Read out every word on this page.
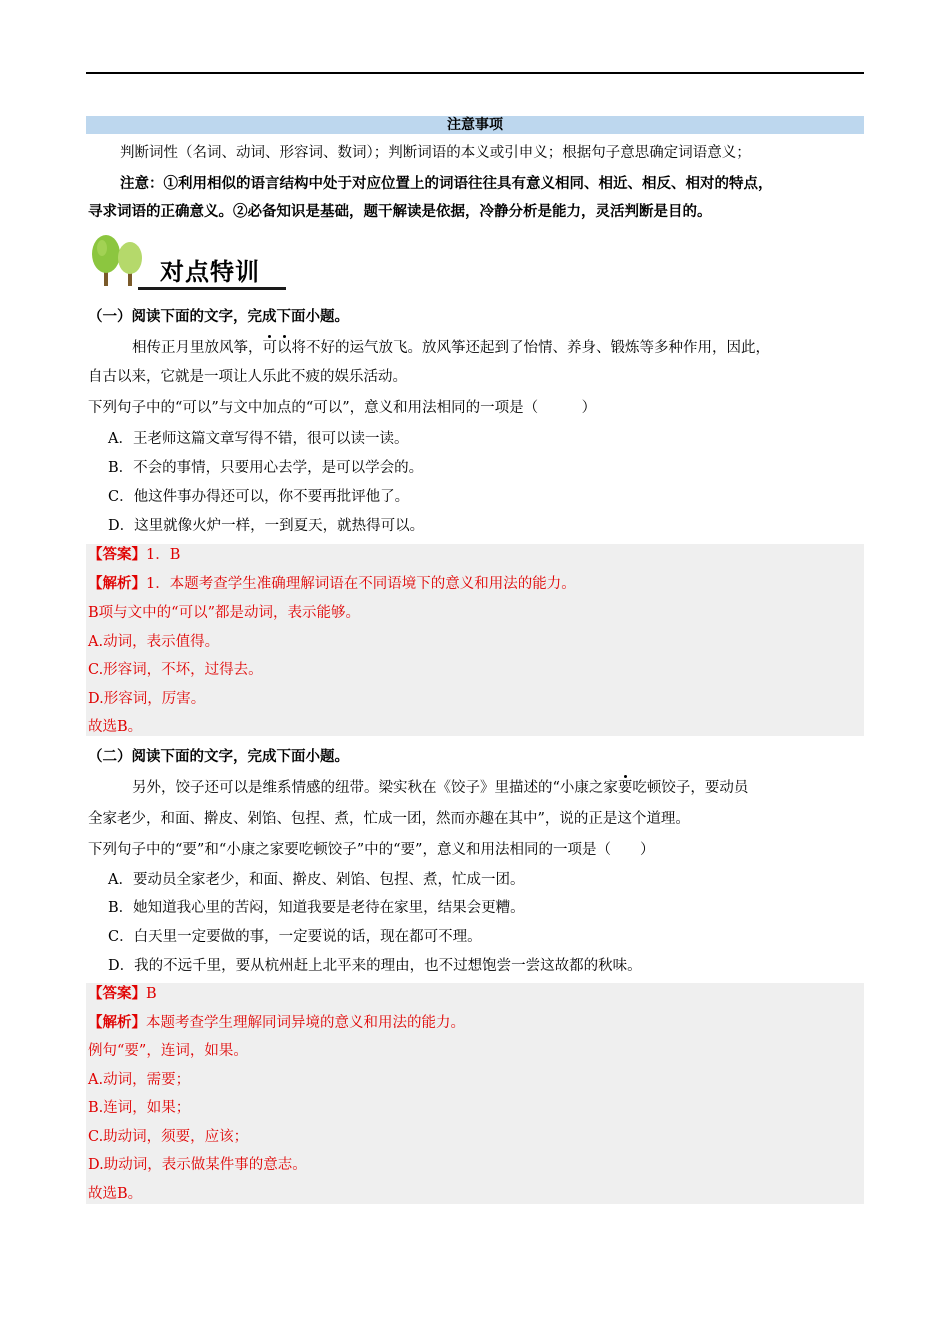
注意事项
判断词性（名词、动词、形容词、数词）；判断词语的本义或引申义；根据句子意思确定词语意义；
注意：①利用相似的语言结构中处于对应位置上的词语往往具有意义相同、相近、相反、相对的特点，
寻求词语的正确意义。②必备知识是基础，题干解读是依据，冷静分析是能力，灵活判断是目的。
对点特训
（一）阅读下面的文字，完成下面小题。
相传正月里放风筝，可以将不好的运气放飞。放风筝还起到了怡情、养身、锻炼等多种作用，因此，
自古以来，它就是一项让人乐此不疲的娱乐活动。
下列句子中的“可以”与文中加点的“可以”，意义和用法相同的一项是（　　　）
A．王老师这篇文章写得不错，很可以读一读。
B．不会的事情，只要用心去学，是可以学会的。
C．他这件事办得还可以，你不要再批评他了。
D．这里就像火炉一样，一到夏天，就热得可以。
【答案】1．B
【解析】1．本题考查学生准确理解词语在不同语境下的意义和用法的能力。
B项与文中的“可以”都是动词，表示能够。
A.动词，表示值得。
C.形容词，不坏，过得去。
D.形容词，厉害。
故选B。
（二）阅读下面的文字，完成下面小题。
另外，饺子还可以是维系情感的纽带。梁实秋在《饺子》里描述的“小康之家要吃顿饺子，要动员
全家老少，和面、擀皮、剁馅、包捏、煮，忙成一团，然而亦趣在其中”，说的正是这个道理。
下列句子中的“要”和“小康之家要吃顿饺子”中的“要”，意义和用法相同的一项是（　　）
A．要动员全家老少，和面、擀皮、剁馅、包捏、煮，忙成一团。
B．她知道我心里的苦闷，知道我要是老待在家里，结果会更糟。
C．白天里一定要做的事，一定要说的话，现在都可不理。
D．我的不远千里，要从杭州赶上北平来的理由，也不过想饱尝一尝这故都的秋味。
【答案】B
【解析】本题考查学生理解同词异境的意义和用法的能力。
例句“要”，连词，如果。
A.动词，需要；
B.连词，如果；
C.助动词，须要，应该；
D.助动词，表示做某件事的意志。
故选B。
